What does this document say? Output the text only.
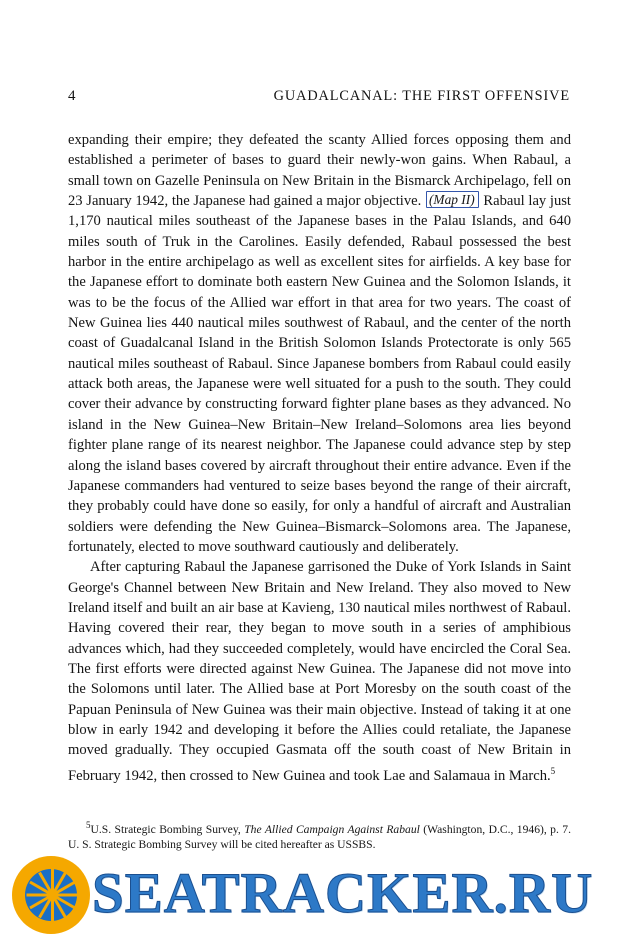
4	GUADALCANAL: THE FIRST OFFENSIVE

expanding their empire; they defeated the scanty Allied forces opposing them and established a perimeter of bases to guard their newly-won gains. When Rabaul, a small town on Gazelle Peninsula on New Britain in the Bismarck Archipelago, fell on 23 January 1942, the Japanese had gained a major objective. (Map II) Rabaul lay just 1,170 nautical miles southeast of the Japanese bases in the Palau Islands, and 640 miles south of Truk in the Carolines. Easily defended, Rabaul possessed the best harbor in the entire archipelago as well as excellent sites for airfields. A key base for the Japanese effort to dominate both eastern New Guinea and the Solomon Islands, it was to be the focus of the Allied war effort in that area for two years. The coast of New Guinea lies 440 nautical miles southwest of Rabaul, and the center of the north coast of Guadalcanal Island in the British Solomon Islands Protectorate is only 565 nautical miles southeast of Rabaul. Since Japanese bombers from Rabaul could easily attack both areas, the Japanese were well situated for a push to the south. They could cover their advance by constructing forward fighter plane bases as they advanced. No island in the New Guinea–New Britain–New Ireland–Solomons area lies beyond fighter plane range of its nearest neighbor. The Japanese could advance step by step along the island bases covered by aircraft throughout their entire advance. Even if the Japanese commanders had ventured to seize bases beyond the range of their aircraft, they probably could have done so easily, for only a handful of aircraft and Australian soldiers were defending the New Guinea–Bismarck–Solomons area. The Japanese, fortunately, elected to move southward cautiously and deliberately.

After capturing Rabaul the Japanese garrisoned the Duke of York Islands in Saint George's Channel between New Britain and New Ireland. They also moved to New Ireland itself and built an air base at Kavieng, 130 nautical miles northwest of Rabaul. Having covered their rear, they began to move south in a series of amphibious advances which, had they succeeded completely, would have encircled the Coral Sea. The first efforts were directed against New Guinea. The Japanese did not move into the Solomons until later. The Allied base at Port Moresby on the south coast of the Papuan Peninsula of New Guinea was their main objective. Instead of taking it at one blow in early 1942 and developing it before the Allies could retaliate, the Japanese moved gradually. They occupied Gasmata off the south coast of New Britain in February 1942, then crossed to New Guinea and took Lae and Salamaua in March.$^5$

$^5$U.S. Strategic Bombing Survey, The Allied Campaign Against Rabaul (Washington, D.C., 1946), p. 7. U. S. Strategic Bombing Survey will be cited hereafter as USSBS.
SEATRACKER.RU
